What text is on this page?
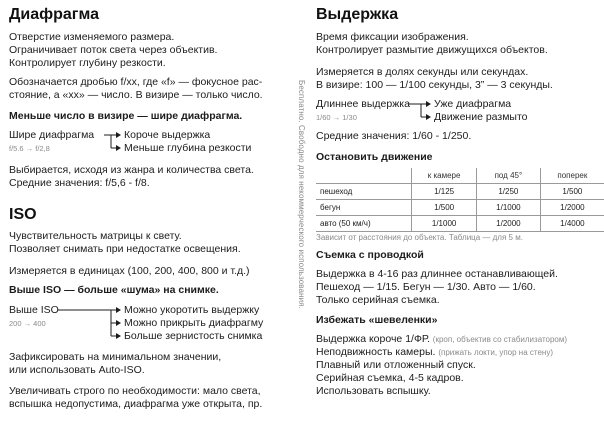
Диафрагма
Отверстие изменяемого размера.
Ограничивает поток света через объектив.
Контролирует глубину резкости.
Обозначается дробью f/xx, где «f» — фокусное рас-
стояние, а «xx» — число. В визире — только число.
Меньше число в визире — шире диафрагма.
Шире диафрагма
f/5.6 → f/2,8
Короче выдержка
Меньше глубина резкости
Выбирается, исходя из жанра и количества света.
Средние значения: f/5,6 - f/8.
ISO
Чувствительность матрицы к свету.
Позволяет снимать при недостатке освещения.
Измеряется в единицах (100, 200, 400, 800 и т.д.)
Выше ISO — больше «шума» на снимке.
Выше ISO
200 → 400
Можно укоротить выдержку
Можно прикрыть диафрагму
Больше зернистость снимка
Зафиксировать на минимальном значении,
или использовать Auto-ISO.
Увеличивать строго по необходимости: мало света,
вспышка недопустима, диафрагма уже открыта, пр.
Бесплатно. Свободно для некоммерческого использования.
Выдержка
Время фиксации изображения.
Контролирует размытие движущихся объектов.
Измеряется в долях секунды или секундах.
В визире: 100 — 1/100 секунды, 3” — 3 секунды.
Длиннее выдержка
1/60 → 1/30
Уже диафрагма
Движение размыто
Средние значения: 1/60 - 1/250.
Остановить движение
	к камере	под 45°	поперек
пешеход	1/125	1/250	1/500
бегун	1/500	1/1000	1/2000
авто (50 км/ч)	1/1000	1/2000	1/4000
Зависит от расстояния до объекта. Таблица — для 5 м.
Съемка с проводкой
Выдержка в 4-16 раз длиннее останавливающей.
Пешеход — 1/15. Бегун — 1/30. Авто — 1/60.
Только серийная съемка.
Избежать «шевеленки»
Выдержка короче 1/ФР. (кроп, объектив со стабилизатором)
Неподвижность камеры. (прижать локти, упор на стену)
Плавный или отложенный спуск.
Серийная съемка, 4-5 кадров.
Использовать вспышку.
